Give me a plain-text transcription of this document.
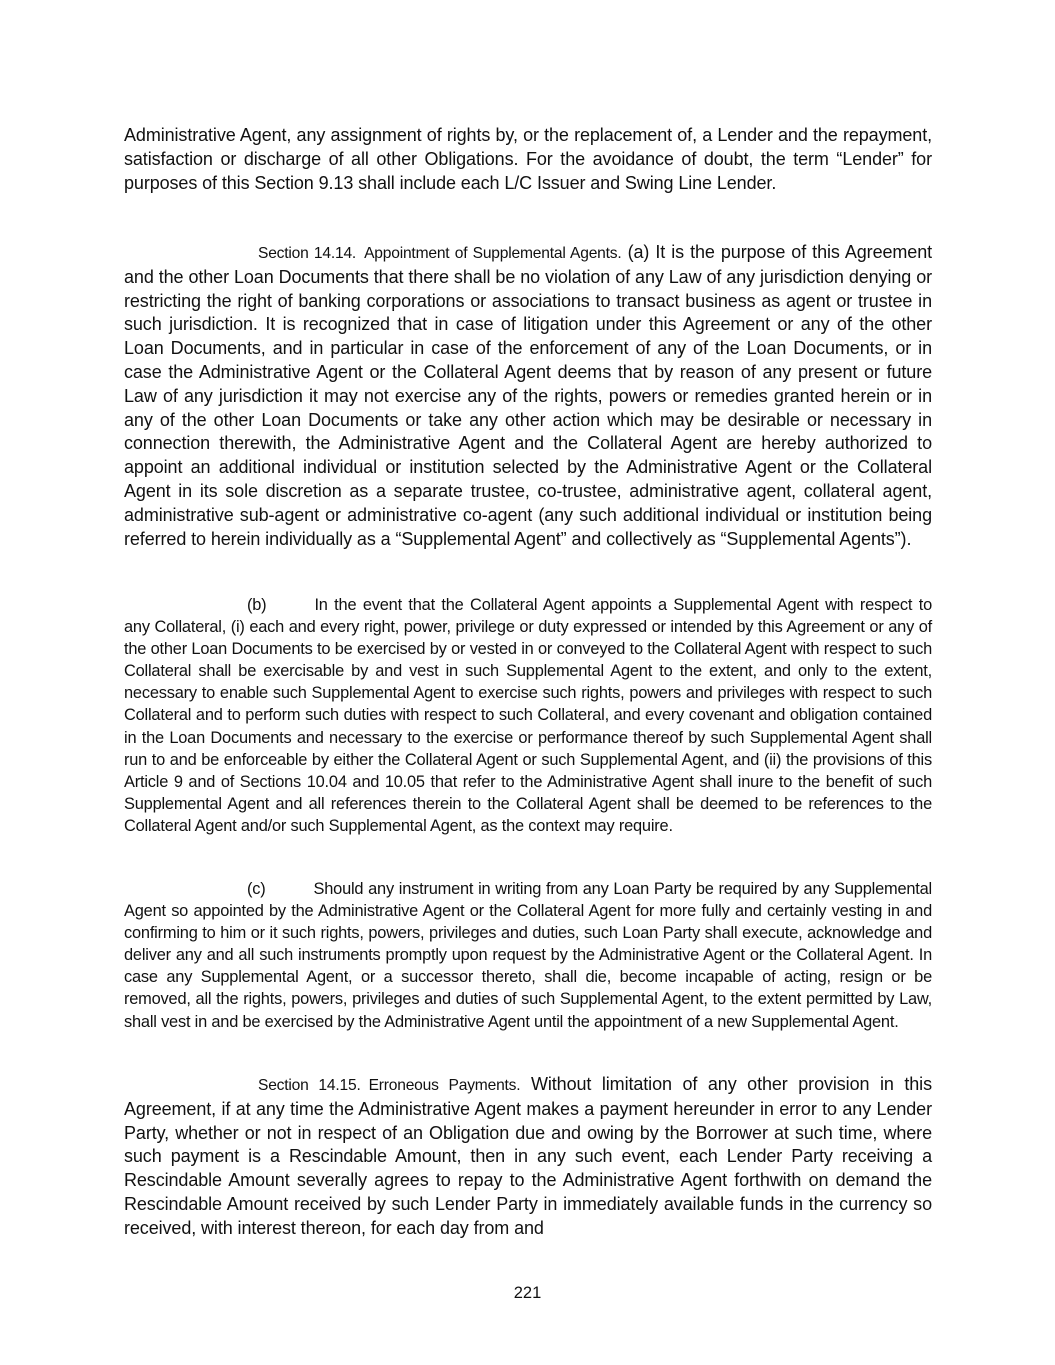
Administrative Agent, any assignment of rights by, or the replacement of, a Lender and the repayment, satisfaction or discharge of all other Obligations. For the avoidance of doubt, the term “Lender” for purposes of this Section 9.13 shall include each L/C Issuer and Swing Line Lender.

Section 14.14. Appointment of Supplemental Agents. (a) It is the purpose of this Agreement and the other Loan Documents that there shall be no violation of any Law of any jurisdiction denying or restricting the right of banking corporations or associations to transact business as agent or trustee in such jurisdiction. It is recognized that in case of litigation under this Agreement or any of the other Loan Documents, and in particular in case of the enforcement of any of the Loan Documents, or in case the Administrative Agent or the Collateral Agent deems that by reason of any present or future Law of any jurisdiction it may not exercise any of the rights, powers or remedies granted herein or in any of the other Loan Documents or take any other action which may be desirable or necessary in connection therewith, the Administrative Agent and the Collateral Agent are hereby authorized to appoint an additional individual or institution selected by the Administrative Agent or the Collateral Agent in its sole discretion as a separate trustee, co-trustee, administrative agent, collateral agent, administrative sub-agent or administrative co-agent (any such additional individual or institution being referred to herein individually as a “Supplemental Agent” and collectively as “Supplemental Agents”).

(b)	In the event that the Collateral Agent appoints a Supplemental Agent with respect to any Collateral, (i) each and every right, power, privilege or duty expressed or intended by this Agreement or any of the other Loan Documents to be exercised by or vested in or conveyed to the Collateral Agent with respect to such Collateral shall be exercisable by and vest in such Supplemental Agent to the extent, and only to the extent, necessary to enable such Supplemental Agent to exercise such rights, powers and privileges with respect to such Collateral and to perform such duties with respect to such Collateral, and every covenant and obligation contained in the Loan Documents and necessary to the exercise or performance thereof by such Supplemental Agent shall run to and be enforceable by either the Collateral Agent or such Supplemental Agent, and (ii) the provisions of this Article 9 and of Sections 10.04 and 10.05 that refer to the Administrative Agent shall inure to the benefit of such Supplemental Agent and all references therein to the Collateral Agent shall be deemed to be references to the Collateral Agent and/or such Supplemental Agent, as the context may require.

(c)	Should any instrument in writing from any Loan Party be required by any Supplemental Agent so appointed by the Administrative Agent or the Collateral Agent for more fully and certainly vesting in and confirming to him or it such rights, powers, privileges and duties, such Loan Party shall execute, acknowledge and deliver any and all such instruments promptly upon request by the Administrative Agent or the Collateral Agent. In case any Supplemental Agent, or a successor thereto, shall die, become incapable of acting, resign or be removed, all the rights, powers, privileges and duties of such Supplemental Agent, to the extent permitted by Law, shall vest in and be exercised by the Administrative Agent until the appointment of a new Supplemental Agent.

Section 14.15. Erroneous Payments. Without limitation of any other provision in this Agreement, if at any time the Administrative Agent makes a payment hereunder in error to any Lender Party, whether or not in respect of an Obligation due and owing by the Borrower at such time, where such payment is a Rescindable Amount, then in any such event, each Lender Party receiving a Rescindable Amount severally agrees to repay to the Administrative Agent forthwith on demand the Rescindable Amount received by such Lender Party in immediately available funds in the currency so received, with interest thereon, for each day from and

221
